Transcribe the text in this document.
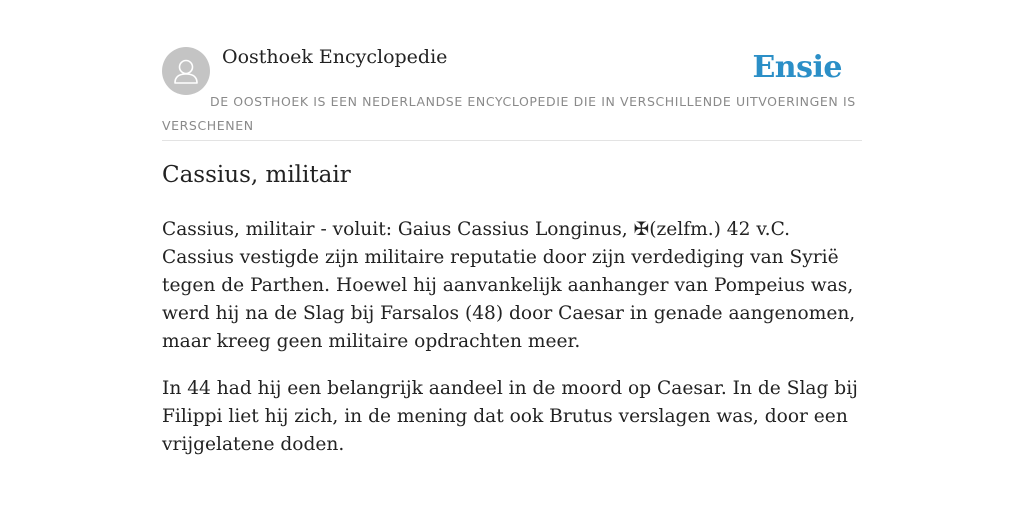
Oosthoek Encyclopedie	Ensie

DE OOSTHOEK IS EEN NEDERLANDSE ENCYCLOPEDIE DIE IN VERSCHILLENDE UITVOERINGEN IS VERSCHENEN

Cassius, militair

Cassius, militair - voluit: Gaius Cassius Longinus, ✠(zelfm.) 42 v.C. Cassius vestigde zijn militaire reputatie door zijn verdediging van Syrië tegen de Parthen. Hoewel hij aanvankelijk aanhanger van Pompeius was, werd hij na de Slag bij Farsalos (48) door Caesar in genade aangenomen, maar kreeg geen militaire opdrachten meer.

In 44 had hij een belangrijk aandeel in de moord op Caesar. In de Slag bij Filippi liet hij zich, in de mening dat ook Brutus verslagen was, door een vrijgelatene doden.
